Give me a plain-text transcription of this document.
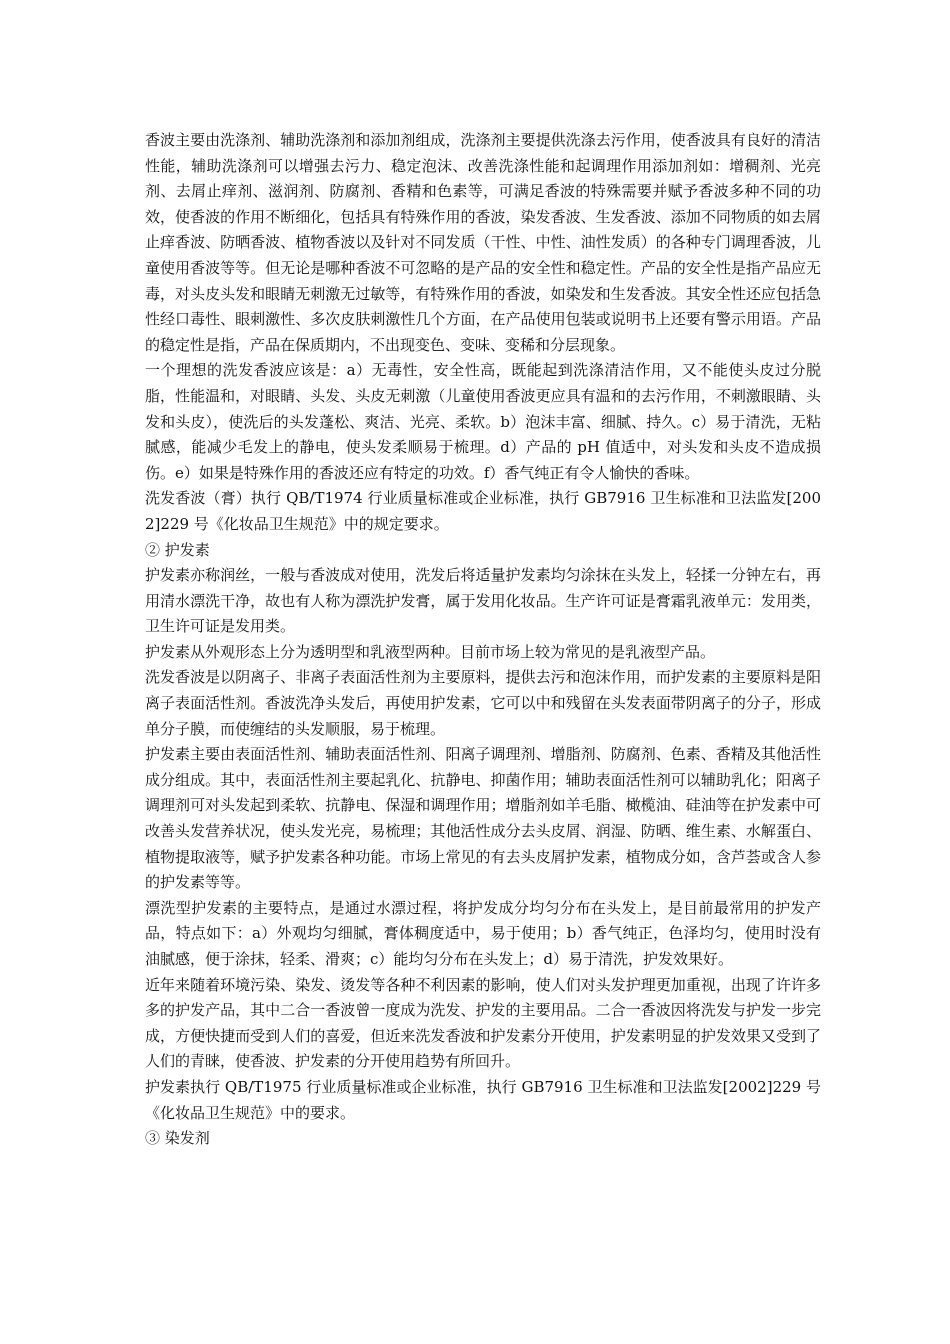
香波主要由洗涤剂、辅助洗涤剂和添加剂组成，洗涤剂主要提供洗涤去污作用，使香波具有良好的清洁性能，辅助洗涤剂可以增强去污力、稳定泡沫、改善洗涤性能和起调理作用添加剂如：增稠剂、光亮剂、去屑止痒剂、滋润剂、防腐剂、香精和色素等，可满足香波的特殊需要并赋予香波多种不同的功效，使香波的作用不断细化，包括具有特殊作用的香波，染发香波、生发香波、添加不同物质的如去屑止痒香波、防晒香波、植物香波以及针对不同发质（干性、中性、油性发质）的各种专门调理香波，儿童使用香波等等。但无论是哪种香波不可忽略的是产品的安全性和稳定性。产品的安全性是指产品应无毒，对头皮头发和眼睛无刺激无过敏等，有特殊作用的香波，如染发和生发香波。其安全性还应包括急性经口毒性、眼刺激性、多次皮肤刺激性几个方面，在产品使用包装或说明书上还要有警示用语。产品的稳定性是指，产品在保质期内，不出现变色、变味、变稀和分层现象。

一个理想的洗发香波应该是：a）无毒性，安全性高，既能起到洗涤清洁作用，又不能使头皮过分脱脂，性能温和，对眼睛、头发、头皮无刺激（儿童使用香波更应具有温和的去污作用，不刺激眼睛、头发和头皮），使洗后的头发蓬松、爽洁、光亮、柔软。b）泡沫丰富、细腻、持久。c）易于清洗，无粘腻感，能减少毛发上的静电，使头发柔顺易于梳理。d）产品的 pH 值适中，对头发和头皮不造成损伤。e）如果是特殊作用的香波还应有特定的功效。f）香气纯正有令人愉快的香味。

洗发香波（膏）执行 QB/T1974 行业质量标准或企业标准，执行 GB7916 卫生标准和卫法监发[2002]229 号《化妆品卫生规范》中的规定要求。

② 护发素

护发素亦称润丝，一般与香波成对使用，洗发后将适量护发素均匀涂抹在头发上，轻揉一分钟左右，再用清水漂洗干净，故也有人称为漂洗护发膏，属于发用化妆品。生产许可证是膏霜乳液单元：发用类，卫生许可证是发用类。

护发素从外观形态上分为透明型和乳液型两种。目前市场上较为常见的是乳液型产品。

洗发香波是以阴离子、非离子表面活性剂为主要原料，提供去污和泡沫作用，而护发素的主要原料是阳离子表面活性剂。香波洗净头发后，再使用护发素，它可以中和残留在头发表面带阴离子的分子，形成单分子膜，而使缠结的头发顺服，易于梳理。

护发素主要由表面活性剂、辅助表面活性剂、阳离子调理剂、增脂剂、防腐剂、色素、香精及其他活性成分组成。其中，表面活性剂主要起乳化、抗静电、抑菌作用；辅助表面活性剂可以辅助乳化；阳离子调理剂可对头发起到柔软、抗静电、保湿和调理作用；增脂剂如羊毛脂、橄榄油、硅油等在护发素中可改善头发营养状况，使头发光亮，易梳理；其他活性成分去头皮屑、润湿、防晒、维生素、水解蛋白、植物提取液等，赋予护发素各种功能。市场上常见的有去头皮屑护发素，植物成分如，含芦荟或含人参的护发素等等。

漂洗型护发素的主要特点，是通过水漂过程，将护发成分均匀分布在头发上，是目前最常用的护发产品，特点如下：a）外观均匀细腻，膏体稠度适中，易于使用；b）香气纯正，色泽均匀，使用时没有油腻感，便于涂抹，轻柔、滑爽；c）能均匀分布在头发上；d）易于清洗，护发效果好。

近年来随着环境污染、染发、烫发等各种不利因素的影响，使人们对头发护理更加重视，出现了许许多多的护发产品，其中二合一香波曾一度成为洗发、护发的主要用品。二合一香波因将洗发与护发一步完成，方便快捷而受到人们的喜爱，但近来洗发香波和护发素分开使用，护发素明显的护发效果又受到了人们的青睐，使香波、护发素的分开使用趋势有所回升。

护发素执行 QB/T1975 行业质量标准或企业标准，执行 GB7916 卫生标准和卫法监发[2002]229 号《化妆品卫生规范》中的要求。

③ 染发剂
